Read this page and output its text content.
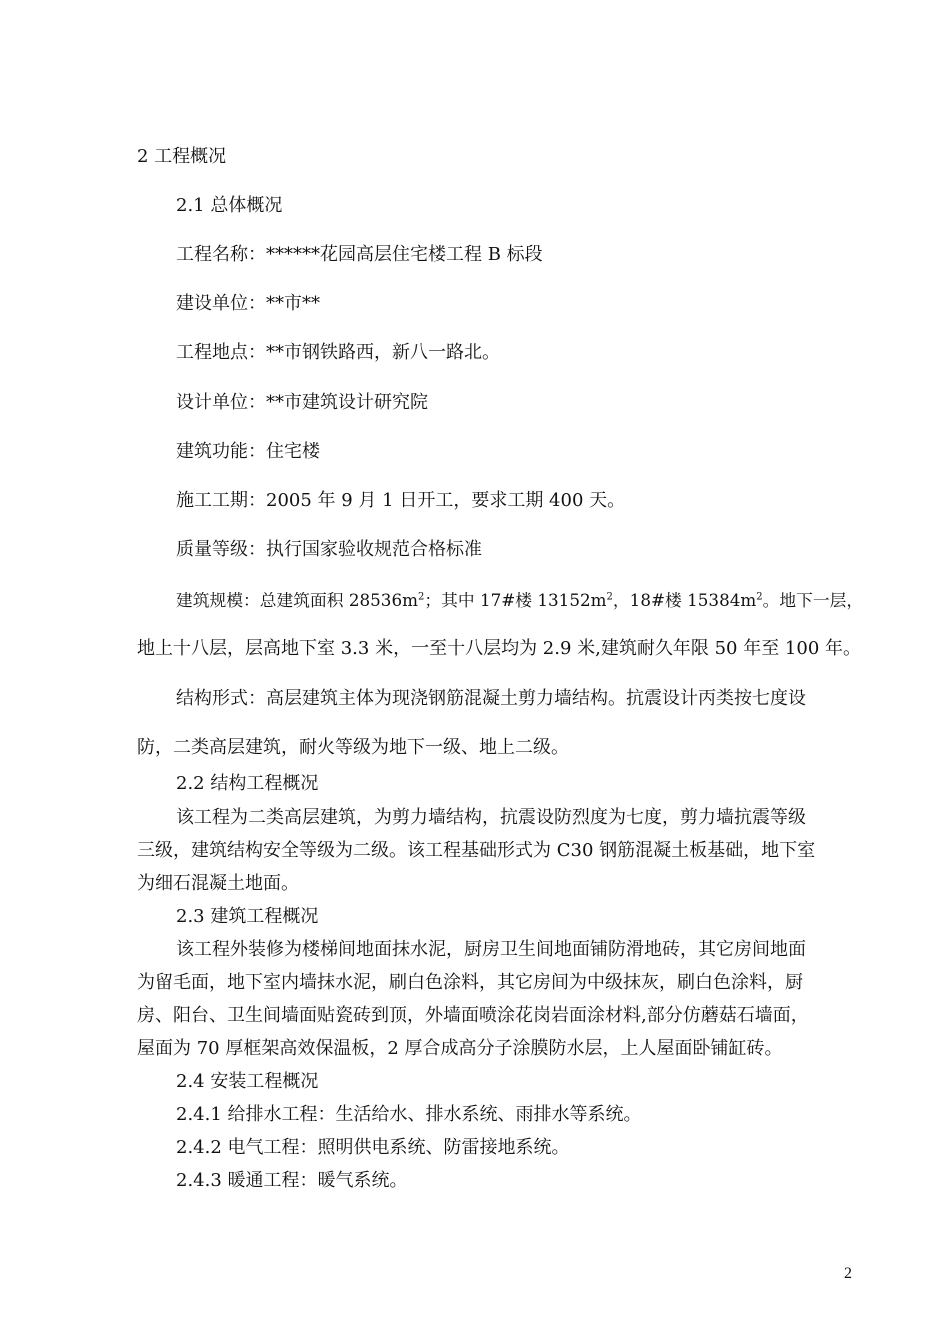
2 工程概况
2.1 总体概况
工程名称：******花园高层住宅楼工程 B 标段
建设单位：**市**
工程地点：**市钢铁路西，新八一路北。
设计单位：**市建筑设计研究院
建筑功能：住宅楼
施工工期：2005 年 9 月 1 日开工，要求工期 400 天。
质量等级：执行国家验收规范合格标准
建筑规模：总建筑面积 $28536m^2$；其中 17#楼 $13152m^2$，18#楼 $15384m^2$。地下一层，
地上十八层，层高地下室 3.3 米，一至十八层均为 2.9 米,建筑耐久年限 50 年至 100 年。
结构形式：高层建筑主体为现浇钢筋混凝土剪力墙结构。抗震设计丙类按七度设
防，二类高层建筑，耐火等级为地下一级、地上二级。
2.2 结构工程概况
该工程为二类高层建筑，为剪力墙结构，抗震设防烈度为七度，剪力墙抗震等级
三级，建筑结构安全等级为二级。该工程基础形式为 C30 钢筋混凝土板基础，地下室
为细石混凝土地面。
2.3 建筑工程概况
该工程外装修为楼梯间地面抹水泥，厨房卫生间地面铺防滑地砖，其它房间地面
为留毛面，地下室内墙抹水泥，刷白色涂料，其它房间为中级抹灰，刷白色涂料，厨
房、阳台、卫生间墙面贴瓷砖到顶，外墙面喷涂花岗岩面涂材料,部分仿蘑菇石墙面，
屋面为 70 厚框架高效保温板，2 厚合成高分子涂膜防水层，上人屋面卧铺缸砖。
2.4 安装工程概况
2.4.1 给排水工程：生活给水、排水系统、雨排水等系统。
2.4.2 电气工程：照明供电系统、防雷接地系统。
2.4.3 暖通工程：暖气系统。
2
